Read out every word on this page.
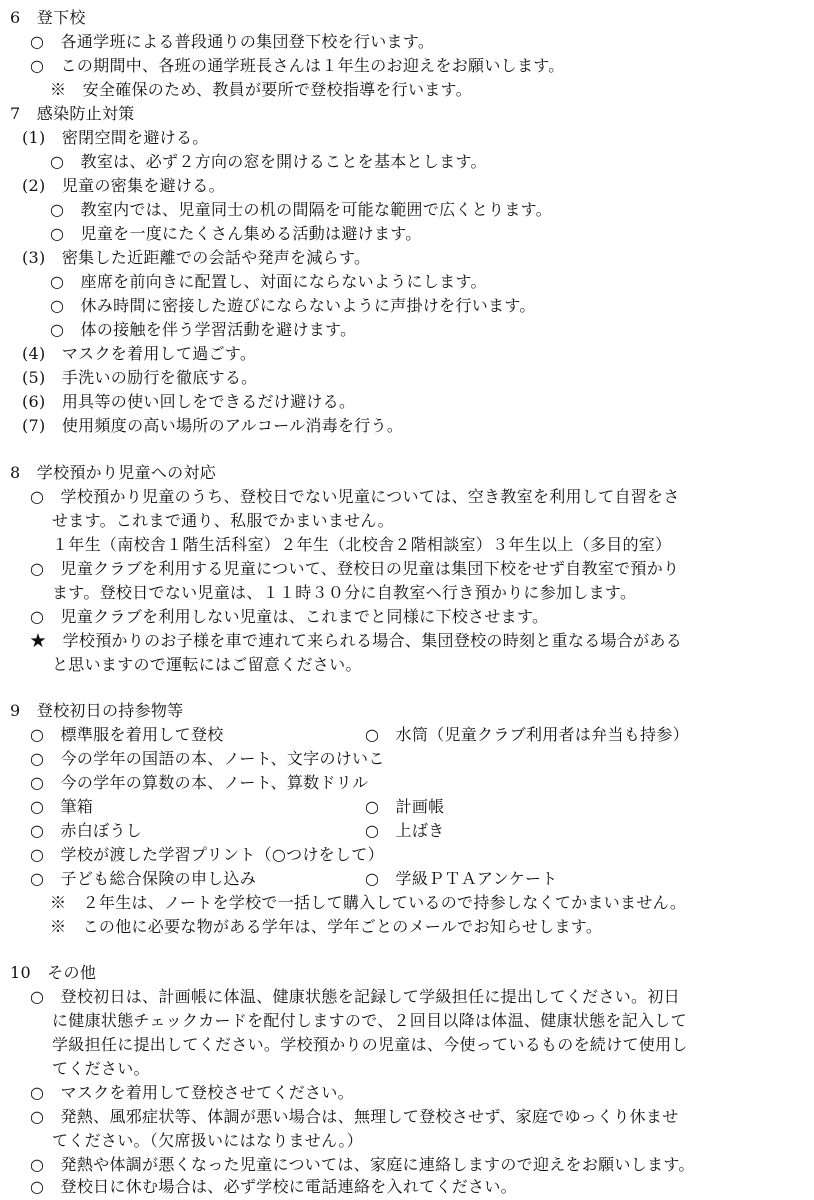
6　登下校
○　各通学班による普段通りの集団登下校を行います。
○　この期間中、各班の通学班長さんは１年生のお迎えをお願いします。
※　安全確保のため、教員が要所で登校指導を行います。
7　感染防止対策
(1)　密閉空間を避ける。
○　教室は、必ず２方向の窓を開けることを基本とします。
(2)　児童の密集を避ける。
○　教室内では、児童同士の机の間隔を可能な範囲で広くとります。
○　児童を一度にたくさん集める活動は避けます。
(3)　密集した近距離での会話や発声を減らす。
○　座席を前向きに配置し、対面にならないようにします。
○　休み時間に密接した遊びにならないように声掛けを行います。
○　体の接触を伴う学習活動を避けます。
(4)　マスクを着用して過ごす。
(5)　手洗いの励行を徹底する。
(6)　用具等の使い回しをできるだけ避ける。
(7)　使用頻度の高い場所のアルコール消毒を行う。
8　学校預かり児童への対応
○　学校預かり児童のうち、登校日でない児童については、空き教室を利用して自習をさ
せます。これまで通り、私服でかまいません。
１年生（南校舎１階生活科室）２年生（北校舎２階相談室）３年生以上（多目的室）
○　児童クラブを利用する児童について、登校日の児童は集団下校をせず自教室で預かり
ます。登校日でない児童は、１１時３０分に自教室へ行き預かりに参加します。
○　児童クラブを利用しない児童は、これまでと同様に下校させます。
★　学校預かりのお子様を車で連れて来られる場合、集団登校の時刻と重なる場合がある
と思いますので運転にはご留意ください。
9　登校初日の持参物等
○　標準服を着用して登校	○　水筒（児童クラブ利用者は弁当も持参）
○　今の学年の国語の本、ノート、文字のけいこ
○　今の学年の算数の本、ノート、算数ドリル
○　筆箱	○　計画帳
○　赤白ぼうし	○　上ばき
○　学校が渡した学習プリント（○つけをして）
○　子ども総合保険の申し込み	○　学級ＰＴＡアンケート
※　２年生は、ノートを学校で一括して購入しているので持参しなくてかまいません。
※　この他に必要な物がある学年は、学年ごとのメールでお知らせします。
10　その他
○　登校初日は、計画帳に体温、健康状態を記録して学級担任に提出してください。初日
に健康状態チェックカードを配付しますので、２回目以降は体温、健康状態を記入して
学級担任に提出してください。学校預かりの児童は、今使っているものを続けて使用し
てください。
○　マスクを着用して登校させてください。
○　発熱、風邪症状等、体調が悪い場合は、無理して登校させず、家庭でゆっくり休ませ
てください。（欠席扱いにはなりません。）
○　発熱や体調が悪くなった児童については、家庭に連絡しますので迎えをお願いします。
○　登校日に休む場合は、必ず学校に電話連絡を入れてください。
